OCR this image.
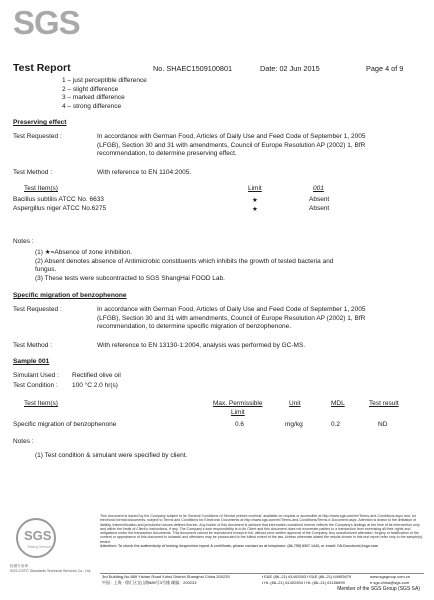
SGS
Test Report	No. SHAEC1509100801	Date: 02 Jun 2015	Page 4 of 9
1 – just perceptible difference
2 – slight difference
3 – marked difference
4 – strong difference
Preserving effect
Test Requested :	In accordance with German Food, Articles of Daily Use and Feed Code of September 1, 2005
(LFGB), Section 30 and 31 with amendments, Council of Europe Resolution AP (2002) 1, BfR
recommendation, to determine preserving effect.
Test Method :	With reference to EN 1104:2005.
Test Item(s)	Limit	001
Bacillus subtilis ATCC No. 6633	★	Absent
Aspergillus niger ATCC No.6275	★	Absent
Notes :
(1) ★=Absence of zone inhibition.
(2) Absent denotes absence of Antimicrobic constituents which inhibits the growth of tested bacteria and
fungus.
(3) These tests were subcontracted to SGS ShangHai FOOD Lab.
Specific migration of benzophenone
Test Requested :	In accordance with German Food, Articles of Daily Use and Feed Code of September 1, 2005
(LFGB), Section 30 and 31 with amendments, Council of Europe Resolution AP (2002) 1, BfR
recommendation, to determine specific migration of benzophenone.
Test Method :	With reference to EN 13130-1:2004, analysis was performed by GC-MS.
Sample 001
Simulant Used : Rectified olive oil
Test Condition : 100 °C 2.0 hr(s)
Test Item(s)	Max. Permissible	Unit	MDL	Test result
Limit
Specific migration of benzophenone	0.6	mg/kg	0.2	ND
Notes :
(1) Test condition & simulant were specified by client.
SGS
Testing Service
检测专用章
SGS-CSTC Standards Technical Services Co., Ltd.
This document is issued by the Company subject to its General Conditions of Service printed overleaf, available on request or accessible at http://www.sgs.com/en/Terms-and-Conditions.aspx and, for electronic format documents, subject to Terms and Conditions for Electronic Documents at http://www.sgs.com/en/Terms-and-Conditions/Terms-e-Document.aspx. Attention is drawn to the limitation of liability, indemnification and jurisdiction issues defined therein. Any holder of this document is advised that information contained hereon reflects the Company's findings at the time of its intervention only and within the limits of Client's instructions, if any. The Company's sole responsibility is to its Client and this document does not exonerate parties to a transaction from exercising all their rights and obligations under the transaction documents. This document cannot be reproduced except in full, without prior written approval of the Company. Any unauthorized alteration, forgery or falsification of the content or appearance of this document is unlawful and offenders may be prosecuted to the fullest extent of the law. Unless otherwise stated the results shown in this test report refer only to the sample(s) tested.
Attention: To check the authenticity of testing /inspection report & certificate, please contact us at telephone: (86-755) 8307 1443, or email: CN.Doccheck@sgs.com
3rd Building,No.889 Yishan Road Xuhui District,Shanghai China 200233
中国 · 上海 · 徐汇区宜山路889号3号楼 邮编：200233
t E&E (86–21) 61402553 f E&E (86–21) 64953679
t HL (86–21) 61402594 f HL (86–21) 61156899
www.sgsgroup.com.cn
e sgs.china@sgs.com
Member of the SGS Group (SGS SA)
